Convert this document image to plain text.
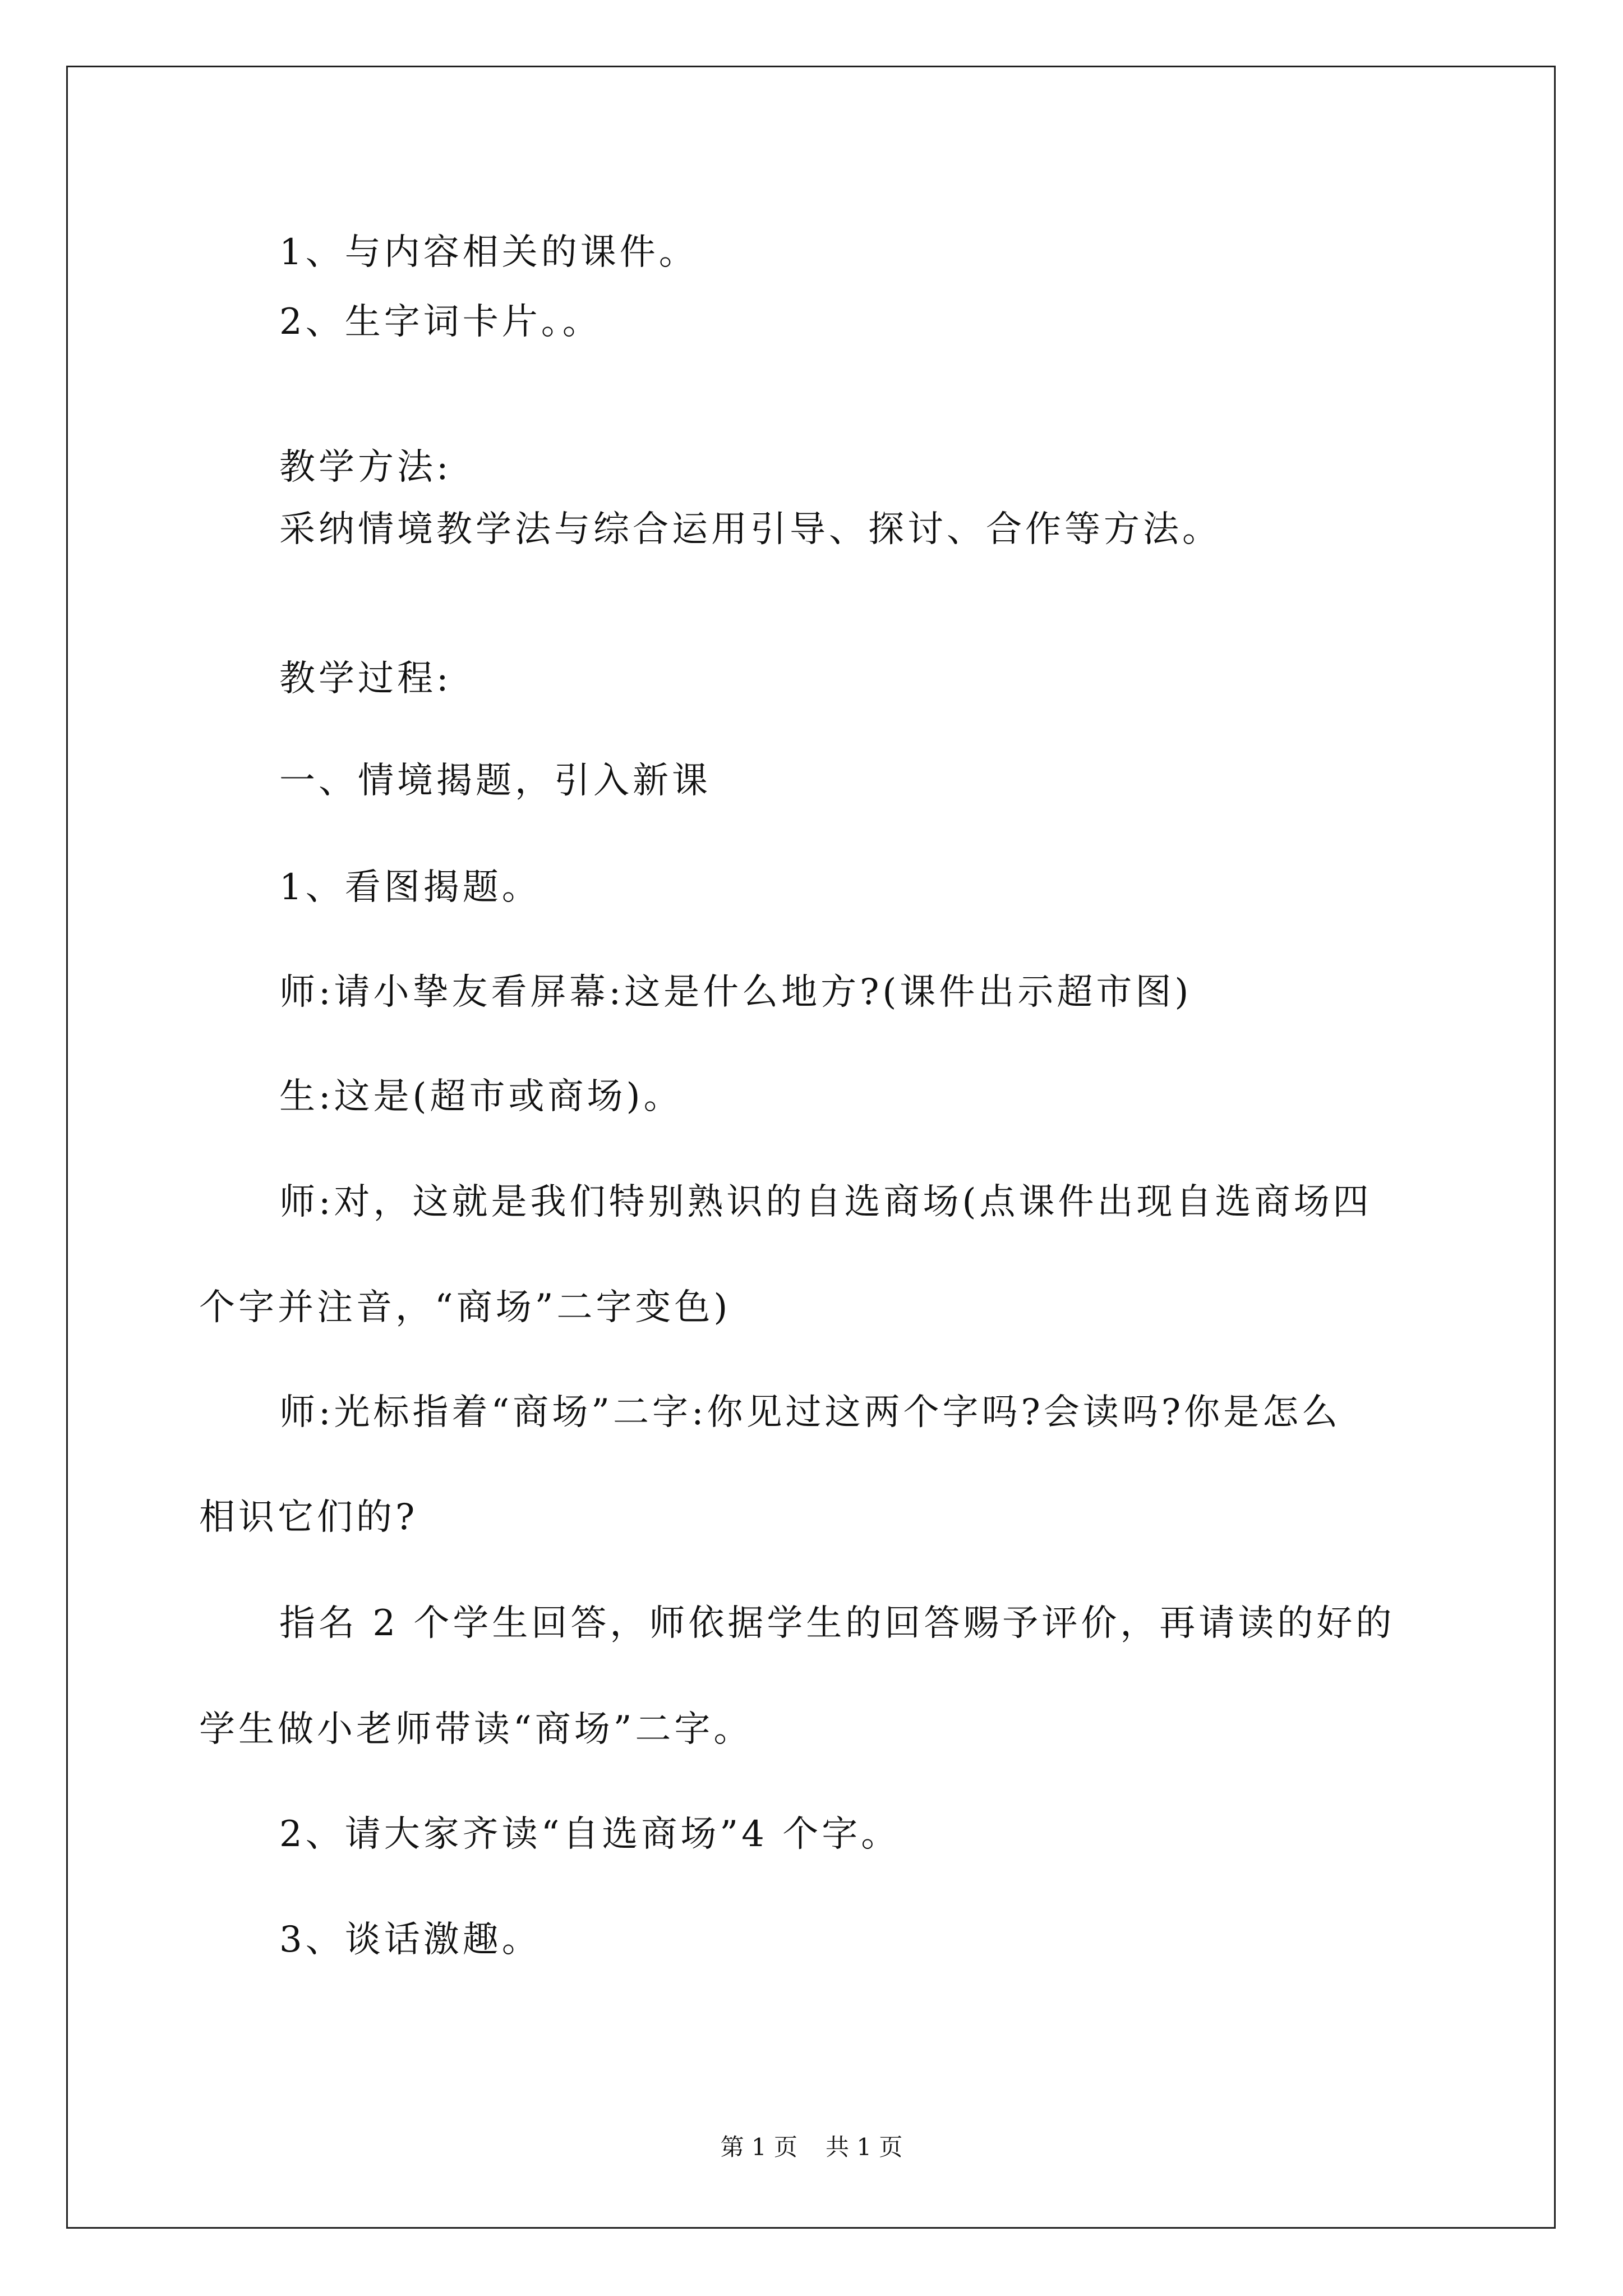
1、与内容相关的课件。

2、生字词卡片。。

教学方法:

采纳情境教学法与综合运用引导、探讨、合作等方法。

教学过程:

一、情境揭题，引入新课

1、看图揭题。

师:请小挚友看屏幕:这是什么地方?(课件出示超市图)

生:这是(超市或商场)。

师:对，这就是我们特别熟识的自选商场(点课件出现自选商场四

个字并注音，“商场”二字变色)

师:光标指着“商场”二字:你见过这两个字吗?会读吗?你是怎么

相识它们的?

指名 2 个学生回答，师依据学生的回答赐予评价，再请读的好的

学生做小老师带读“商场”二字。

2、请大家齐读“自选商场”4 个字。

3、谈话激趣。

第 1 页 共 1 页
